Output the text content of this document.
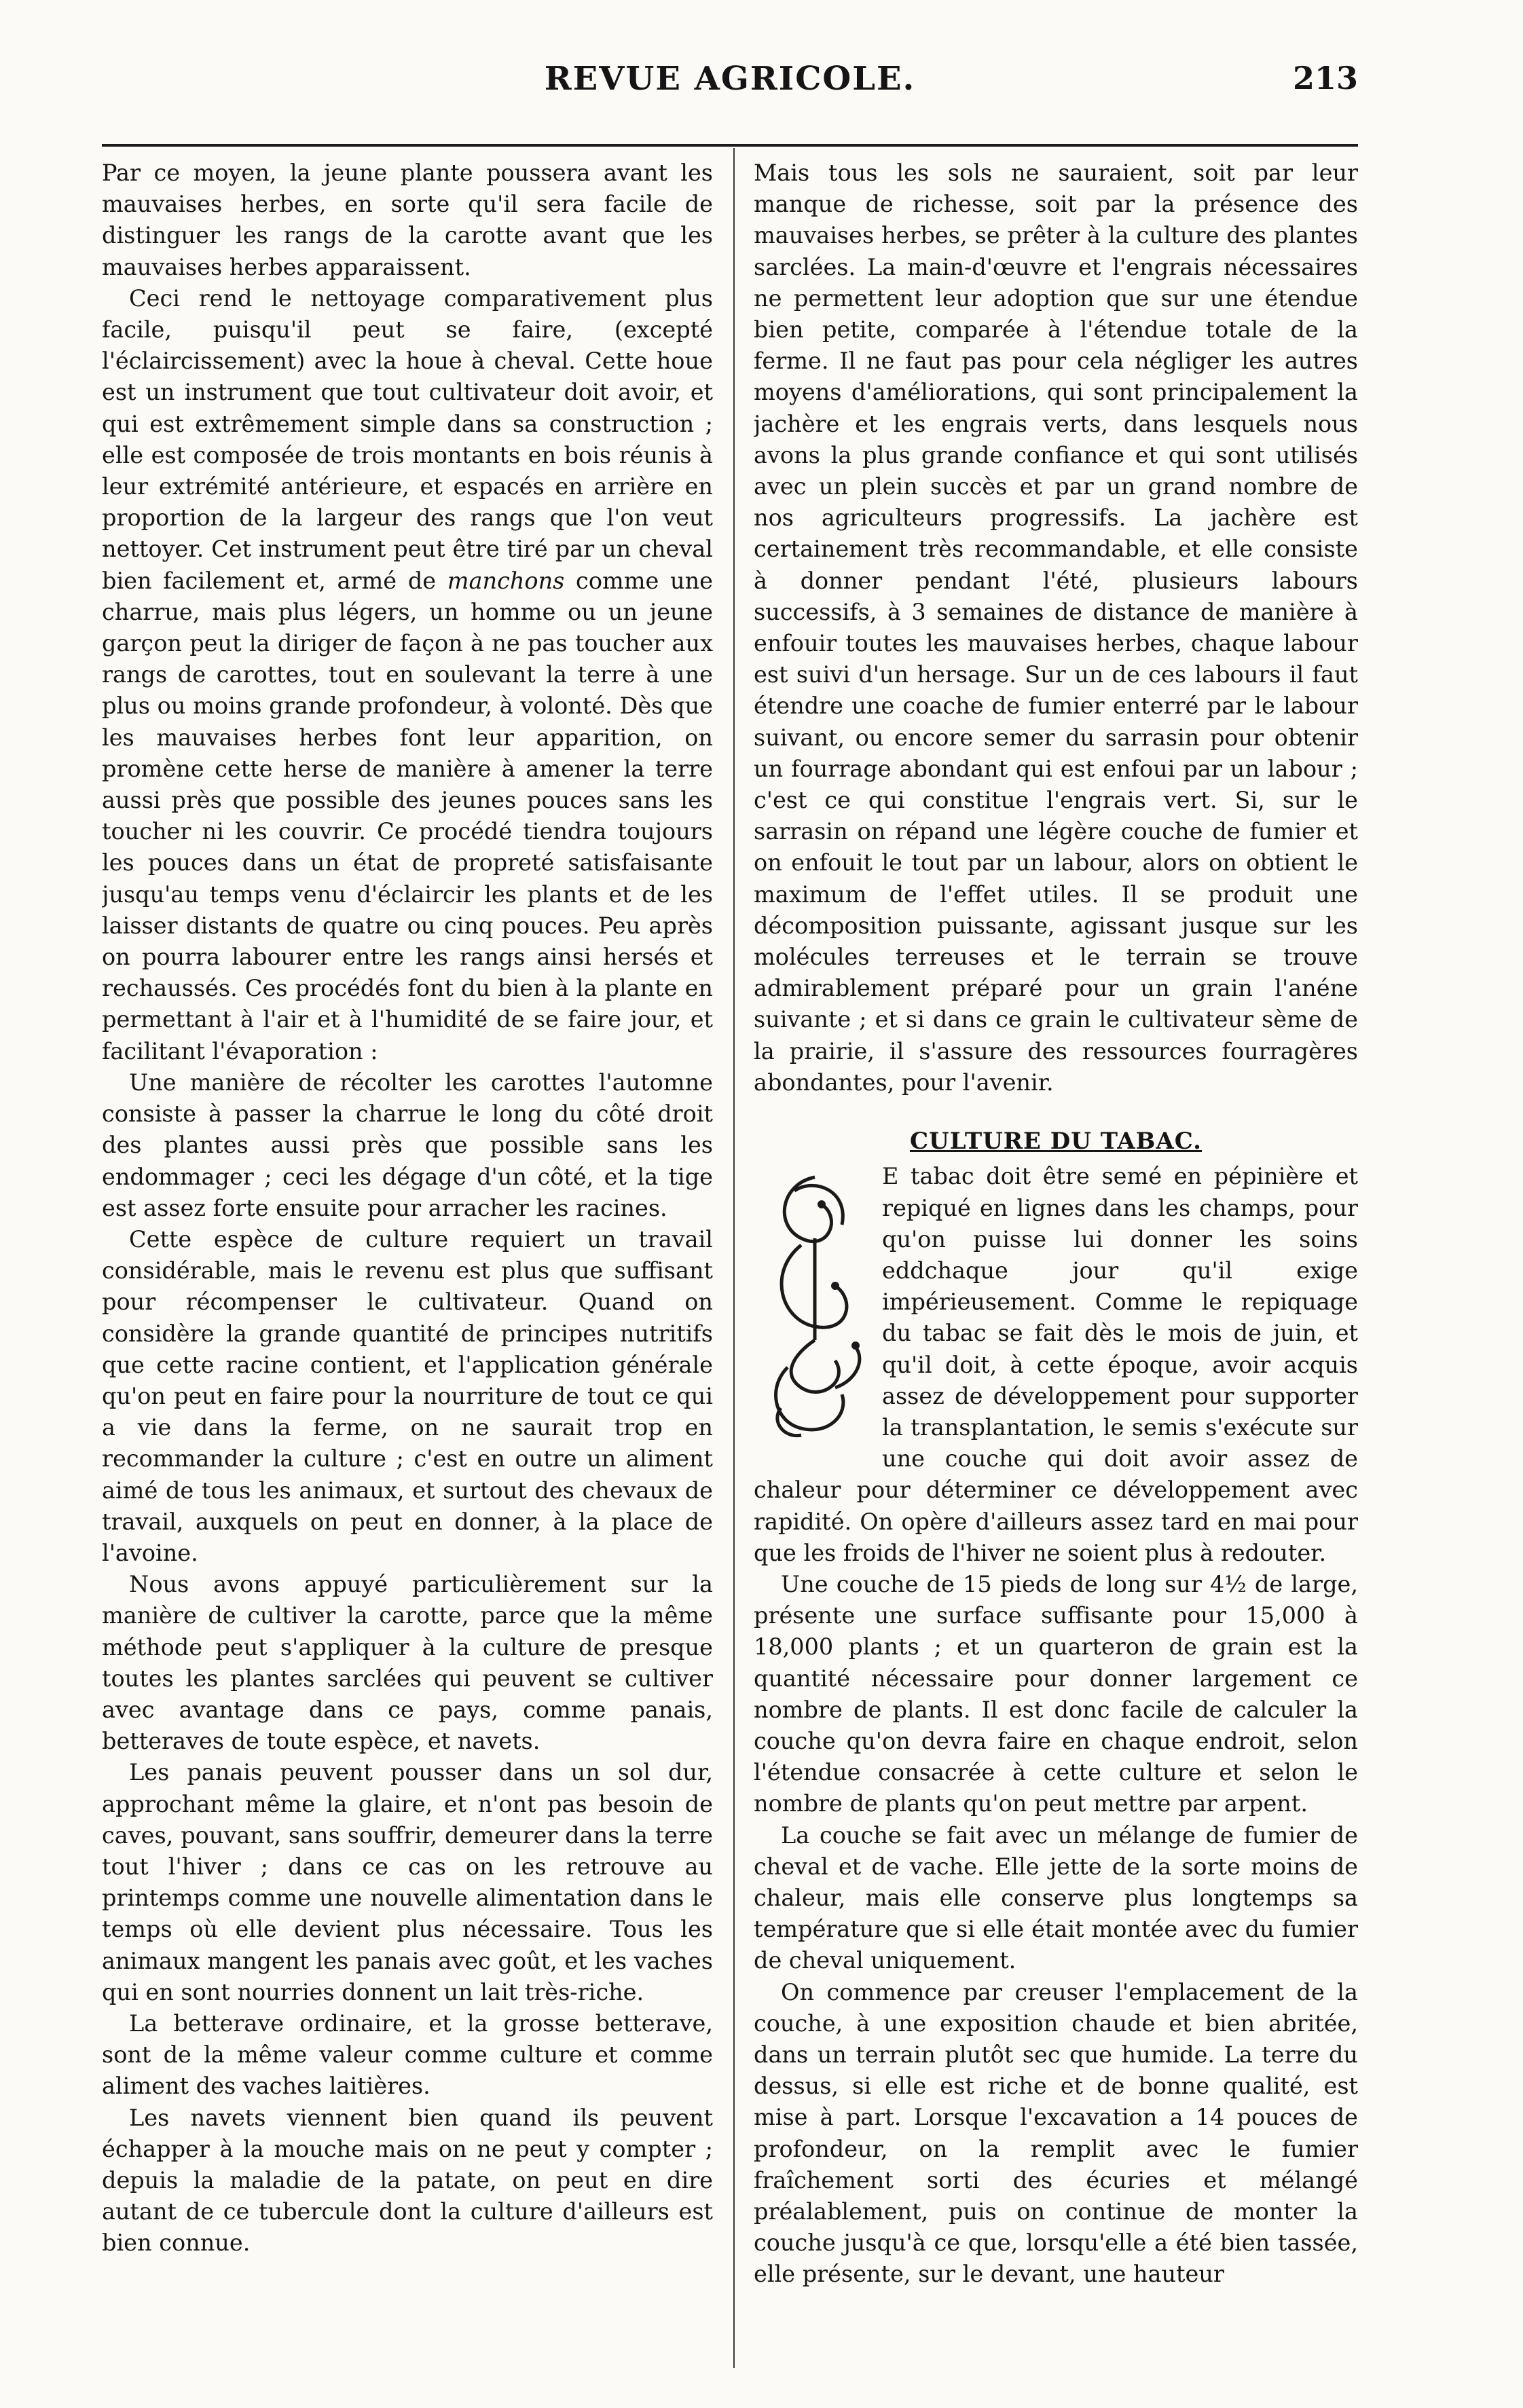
REVUE AGRICOLE.	213

Par ce moyen, la jeune plante poussera avant les mauvaises herbes, en sorte qu'il sera facile de distinguer les rangs de la carotte avant que les mauvaises herbes apparaissent.

Ceci rend le nettoyage comparativement plus facile, puisqu'il peut se faire, (excepté l'éclaircissement) avec la houe à cheval. Cette houe est un instrument que tout cultivateur doit avoir, et qui est extrêmement simple dans sa construction ; elle est composée de trois montants en bois réunis à leur extrémité antérieure, et espacés en arrière en proportion de la largeur des rangs que l'on veut nettoyer. Cet instrument peut être tiré par un cheval bien facilement et, armé de manchons comme une charrue, mais plus légers, un homme ou un jeune garçon peut la diriger de façon à ne pas toucher aux rangs de carottes, tout en soulevant la terre à une plus ou moins grande profondeur, à volonté. Dès que les mauvaises herbes font leur apparition, on promène cette herse de manière à amener la terre aussi près que possible des jeunes pouces sans les toucher ni les couvrir. Ce procédé tiendra toujours les pouces dans un état de propreté satisfaisante jusqu'au temps venu d'éclaircir les plants et de les laisser distants de quatre ou cinq pouces. Peu après on pourra labourer entre les rangs ainsi hersés et rechaussés. Ces procédés font du bien à la plante en permettant à l'air et à l'humidité de se faire jour, et facilitant l'évaporation :

Une manière de récolter les carottes l'automne consiste à passer la charrue le long du côté droit des plantes aussi près que possible sans les endommager ; ceci les dégage d'un côté, et la tige est assez forte ensuite pour arracher les racines.

Cette espèce de culture requiert un travail considérable, mais le revenu est plus que suffisant pour récompenser le cultivateur. Quand on considère la grande quantité de principes nutritifs que cette racine contient, et l'application générale qu'on peut en faire pour la nourriture de tout ce qui a vie dans la ferme, on ne saurait trop en recommander la culture ; c'est en outre un aliment aimé de tous les animaux, et surtout des chevaux de travail, auxquels on peut en donner, à la place de l'avoine.

Nous avons appuyé particulièrement sur la manière de cultiver la carotte, parce que la même méthode peut s'appliquer à la culture de presque toutes les plantes sarclées qui peuvent se cultiver avec avantage dans ce pays, comme panais, betteraves de toute espèce, et navets.

Les panais peuvent pousser dans un sol dur, approchant même la glaire, et n'ont pas besoin de caves, pouvant, sans souffrir, demeurer dans la terre tout l'hiver ; dans ce cas on les retrouve au printemps comme une nouvelle alimentation dans le temps où elle devient plus nécessaire. Tous les animaux mangent les panais avec goût, et les vaches qui en sont nourries donnent un lait très-riche.

La betterave ordinaire, et la grosse betterave, sont de la même valeur comme culture et comme aliment des vaches laitières.

Les navets viennent bien quand ils peuvent échapper à la mouche mais on ne peut y compter ; depuis la maladie de la patate, on peut en dire autant de ce tubercule dont la culture d'ailleurs est bien connue.

Mais tous les sols ne sauraient, soit par leur manque de richesse, soit par la présence des mauvaises herbes, se prêter à la culture des plantes sarclées. La main-d'œuvre et l'engrais nécessaires ne permettent leur adoption que sur une étendue bien petite, comparée à l'étendue totale de la ferme. Il ne faut pas pour cela négliger les autres moyens d'améliorations, qui sont principalement la jachère et les engrais verts, dans lesquels nous avons la plus grande confiance et qui sont utilisés avec un plein succès et par un grand nombre de nos agriculteurs progressifs. La jachère est certainement très recommandable, et elle consiste à donner pendant l'été, plusieurs labours successifs, à 3 semaines de distance de manière à enfouir toutes les mauvaises herbes, chaque labour est suivi d'un hersage. Sur un de ces labours il faut étendre une coache de fumier enterré par le labour suivant, ou encore semer du sarrasin pour obtenir un fourrage abondant qui est enfoui par un labour ; c'est ce qui constitue l'engrais vert. Si, sur le sarrasin on répand une légère couche de fumier et on enfouit le tout par un labour, alors on obtient le maximum de l'effet utiles. Il se produit une décomposition puissante, agissant jusque sur les molécules terreuses et le terrain se trouve admirablement préparé pour un grain l'anéne suivante ; et si dans ce grain le cultivateur sème de la prairie, il s'assure des ressources fourragères abondantes, pour l'avenir.

CULTURE DU TABAC.

E tabac doit être semé en pépinière et repiqué en lignes dans les champs, pour qu'on puisse lui donner les soins eddchaque jour qu'il exige impérieusement. Comme le repiquage du tabac se fait dès le mois de juin, et qu'il doit, à cette époque, avoir acquis assez de développement pour supporter la transplantation, le semis s'exécute sur une couche qui doit avoir assez de chaleur pour déterminer ce développement avec rapidité. On opère d'ailleurs assez tard en mai pour que les froids de l'hiver ne soient plus à redouter.

Une couche de 15 pieds de long sur 4½ de large, présente une surface suffisante pour 15,000 à 18,000 plants ; et un quarteron de grain est la quantité nécessaire pour donner largement ce nombre de plants. Il est donc facile de calculer la couche qu'on devra faire en chaque endroit, selon l'étendue consacrée à cette culture et selon le nombre de plants qu'on peut mettre par arpent.

La couche se fait avec un mélange de fumier de cheval et de vache. Elle jette de la sorte moins de chaleur, mais elle conserve plus longtemps sa température que si elle était montée avec du fumier de cheval uniquement.

On commence par creuser l'emplacement de la couche, à une exposition chaude et bien abritée, dans un terrain plutôt sec que humide. La terre du dessus, si elle est riche et de bonne qualité, est mise à part. Lorsque l'excavation a 14 pouces de profondeur, on la remplit avec le fumier fraîchement sorti des écuries et mélangé préalablement, puis on continue de monter la couche jusqu'à ce que, lorsqu'elle a été bien tassée, elle présente, sur le devant, une hauteur
